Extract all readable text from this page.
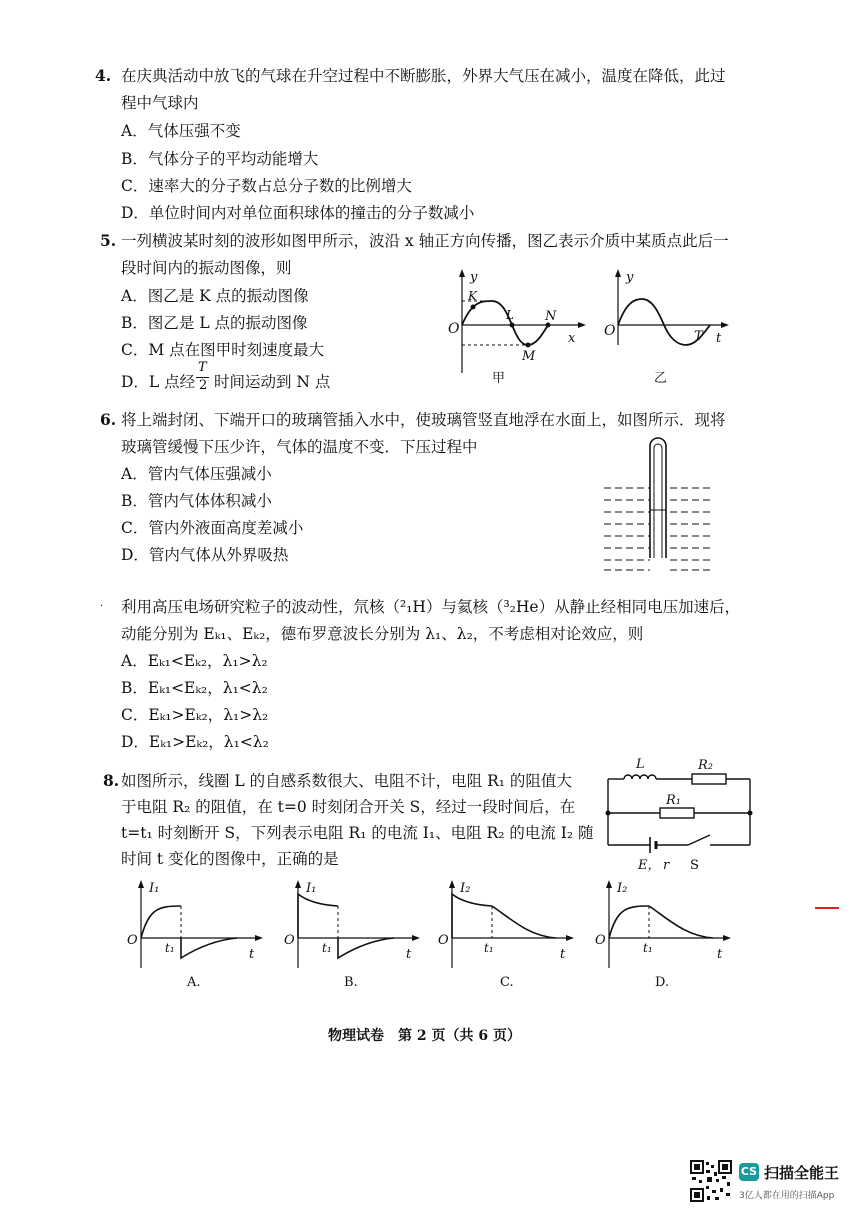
4. 在庆典活动中放飞的气球在升空过程中不断膨胀，外界大气压在减小，温度在降低，此过
程中气球内
A．气体压强不变
B．气体分子的平均动能增大
C．速率大的分子数占总分子数的比例增大
D．单位时间内对单位面积球体的撞击的分子数减小
5. 一列横波某时刻的波形如图甲所示，波沿 x 轴正方向传播，图乙表示介质中某质点此后一
段时间内的振动图像，则
A．图乙是 K 点的振动图像
B．图乙是 L 点的振动图像
C．M 点在图甲时刻速度最大
D．L 点经
T
2 时间运动到 N 点
y
O
x
K
L N
M
甲
y
O	T t
乙
6. 将上端封闭、下端开口的玻璃管插入水中，使玻璃管竖直地浮在水面上，如图所示．现将
玻璃管缓慢下压少许，气体的温度不变．下压过程中
A．管内气体压强减小
B．管内气体体积减小
C．管内外液面高度差减小
D．管内气体从外界吸热
· 利用高压电场研究粒子的波动性，氘核（²₁H）与氦核（³₂He）从静止经相同电压加速后，
动能分别为 Eₖ₁、Eₖ₂，德布罗意波长分别为 λ₁、λ₂，不考虑相对论效应，则
A．Eₖ₁<Eₖ₂，λ₁>λ₂
B．Eₖ₁<Eₖ₂，λ₁<λ₂
C．Eₖ₁>Eₖ₂，λ₁>λ₂
D．Eₖ₁>Eₖ₂，λ₁<λ₂
8. 如图所示，线圈 L 的自感系数很大、电阻不计，电阻 R₁ 的阻值大
于电阻 R₂ 的阻值，在 t=0 时刻闭合开关 S，经过一段时间后，在
t=t₁ 时刻断开 S，下列表示电阻 R₁ 的电流 I₁、电阻 R₂ 的电流 I₂ 随
时间 t 变化的图像中，正确的是
L	R₂
R₁
E， r S
I₁
O t₁	t
A.
I₁
O t₁	t
B.
I₂
O	t₁	t
C.
I₂
O	t₁	t
D.
物理试卷　第 2 页（共 6 页）
CS 扫描全能王
3亿人都在用的扫描App
